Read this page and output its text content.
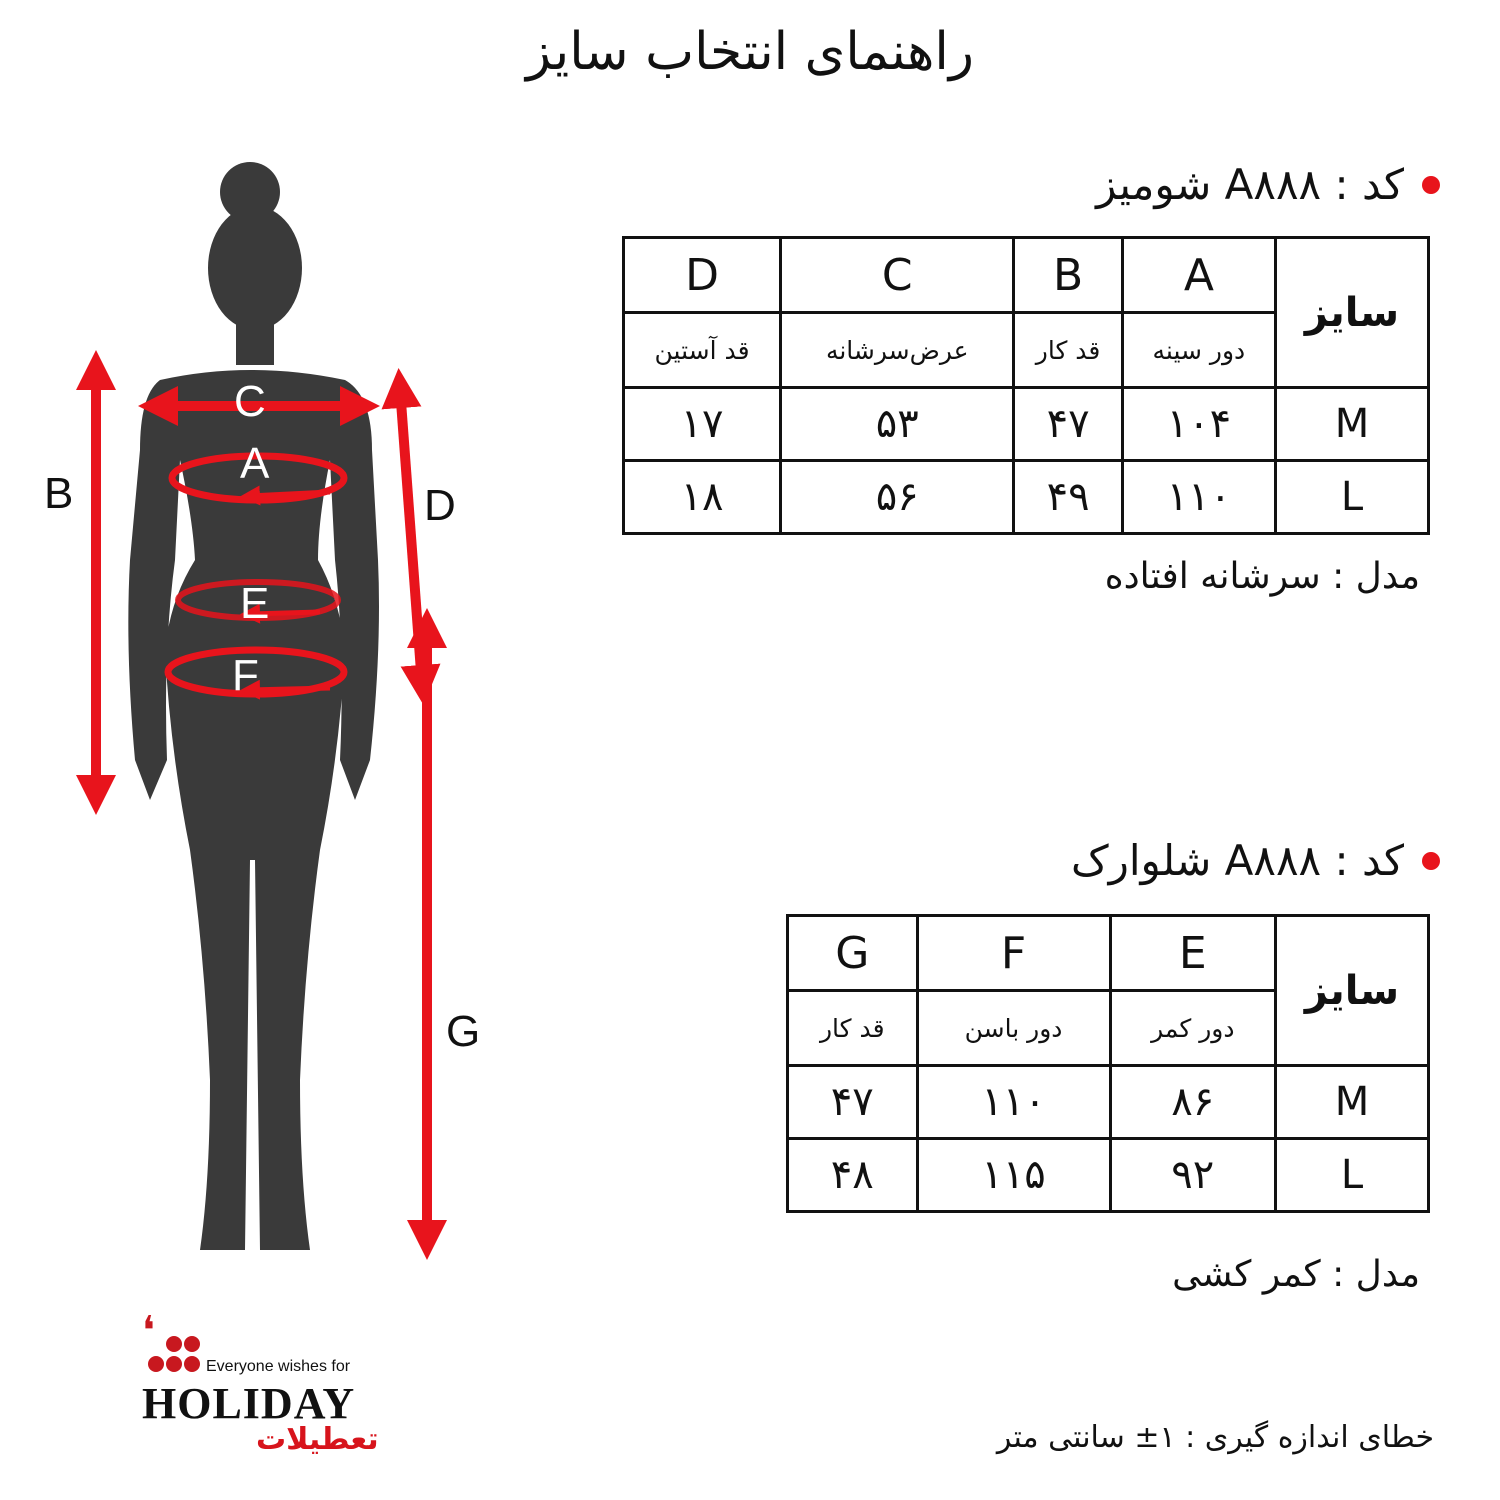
راهنمای انتخاب سایز
C
A
E
F
B	D
G
کد : A۸۸۸ شومیز
سایز	A	B	C	D
	دور سینه	قد کار	عرض‌سرشانه	قد آستین
M	۱۰۴	۴۷	۵۳	۱۷
L	۱۱۰	۴۹	۵۶	۱۸
مدل : سرشانه افتاده
کد : A۸۸۸ شلوارک
سایز	E	F	G
	دور کمر	دور باسن	قد کار
M	۸۶	۱۱۰	۴۷
L	۹۲	۱۱۵	۴۸
مدل : کمر کشی
خطای اندازه گیری : ۱± سانتی متر
❛
Everyone wishes for
HOLIDAY
تعطیلات
